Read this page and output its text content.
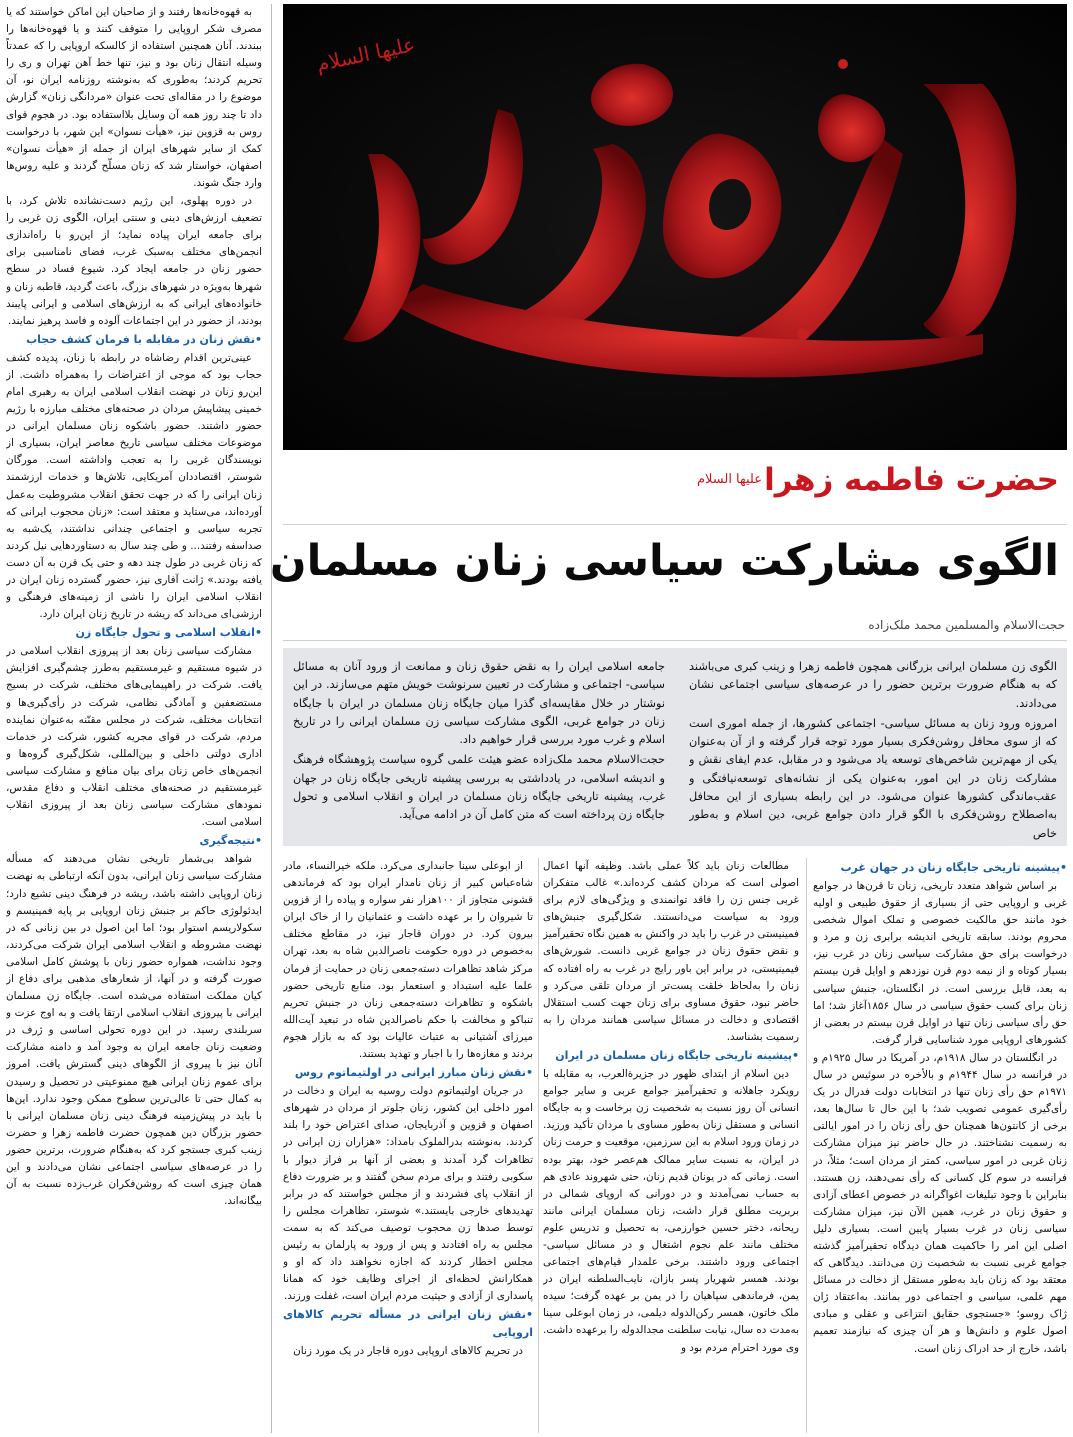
به قهوه‌خانه‌ها رفتند و از صاحبان این اماکن خواستند که یا مصرف شکر اروپایی را متوقف کنند و یا قهوه‌خانه‌ها را ببندند. آنان همچنین استفاده از کالسکه اروپایی را که عمدتاً وسیله انتقال زنان بود و نیز، تنها خط آهن تهران و ری را تحریم کردند؛ به‌طوری که به‌نوشته روزنامه ایران نو، آن موضوع را در مقاله‌ای تحت عنوان «مردانگی زنان» گزارش داد تا چند روز همه آن وسایل بلااستفاده بود. در هجوم قوای روس به قزوین نیز، «هیأت نسوان» این شهر، با درخواست کمک از سایر شهرهای ایران از جمله از «هیأت نسوان» اصفهان، خواستار شد که زنان مسلّح گردند و علیه روس‌ها وارد جنگ شوند.

در دوره پهلوی، این رژیم دست‌نشانده تلاش کرد، با تضعیف ارزش‌های دینی و سنتی ایران، الگوی زن غربی را برای جامعه ایران پیاده نماید؛ از این‌رو با راه‌اندازی انجمن‌های مختلف به‌سبک غرب، فضای نامناسبی برای حضور زنان در جامعه ایجاد کرد. شیوع فساد در سطح شهرها به‌ویژه در شهرهای بزرگ، باعث گردید، قاطبه زنان و خانواده‌های ایرانی که به ارزش‌های اسلامی و ایرانی پایبند بودند، از حضور در این اجتماعات آلوده و فاسد پرهیز نمایند.

• نقش زنان در مقابله با فرمان کشف حجاب

عینی‌ترین اقدام رضاشاه در رابطه با زنان، پدیده کشف حجاب بود که موجی از اعتراضات را به‌همراه داشت. از این‌رو زنان در نهضت انقلاب اسلامی ایران به رهبری امام خمینی پیشاپیش مردان در صحنه‌های مختلف مبارزه با رژیم حضور داشتند. حضور باشکوه زنان مسلمان ایرانی در موضوعات مختلف سیاسی تاریخ معاصر ایران، بسیاری از نویسندگان غربی را به تعجب واداشته است. مورگان شوستر، اقتصاددان آمریکایی، تلاش‌ها و خدمات ارزشمند زنان ایرانی را که در جهت تحقق انقلاب مشروطیت به‌عمل آورده‌اند، می‌ستاید و معتقد است: «زنان محجوب ایرانی که تجربه سیاسی و اجتماعی چندانی نداشتند، یک‌شبه به صداسفه رفتند... و طی چند سال به دستاوردهایی نیل کردند که زنان غربی در طول چند دهه و حتی یک قرن به آن دست یافته بودند.» ژانت آفاری نیز، حضور گسترده زنان ایران در انقلاب اسلامی ایران را ناشی از زمینه‌های فرهنگی و ارزشی‌ای می‌داند که ریشه در تاریخ زنان ایران دارد.

• انقلاب اسلامی و تحول جایگاه زن

مشارکت سیاسی زنان بعد از پیروزی انقلاب اسلامی در در شیوه مستقیم و غیرمستقیم به‌طرز چشم‌گیری افزایش یافت. شرکت در راهپیمایی‌های مختلف، شرکت در بسیج مستضعفین و آمادگی نظامی، شرکت در رأی‌گیری‌ها و انتخابات مختلف، شرکت در مجلس مقنّنه به‌عنوان نماینده مردم، شرکت در قوای مجریه کشور، شرکت در خدمات اداری دولتی داخلی و بین‌المللی، شکل‌گیری گروه‌ها و انجمن‌های خاص زنان برای بیان منافع و مشارکت سیاسی غیرمستقیم در صحنه‌های مختلف انقلاب و دفاع مقدس، نمودهای مشارکت سیاسی زنان بعد از پیروزی انقلاب اسلامی است.

• نتیجه‌گیری

شواهد بی‌شمار تاریخی نشان می‌دهند که مسأله مشارکت سیاسی زنان ایرانی، بدون آنکه ارتباطی به نهضت زنان اروپایی داشته باشد، ریشه در فرهنگ دینی تشیع دارد؛ ایدئولوژی حاکم بر جنبش زنان اروپایی بر پایه فمینیسم و سکولاریسم استوار بود؛ اما این اصول در بین زنانی که در نهضت مشروطه و انقلاب اسلامی ایران شرکت می‌کردند، وجود نداشت، همواره حضور زنان با پوشش کامل اسلامی صورت گرفته و در آنها، از شعارهای مذهبی برای دفاع از کیان مملکت استفاده می‌شده است. جایگاه زن مسلمان ایرانی با پیروزی انقلاب اسلامی ارتقا یافت و به اوج عزت و سربلندی رسید. در این دوره تحولی اساسی و ژرف در وضعیت زنان جامعه ایران به وجود آمد و دامنه مشارکت آنان نیز با پیروی از الگوهای دینی گسترش یافت. امروز برای عموم زنان ایرانی هیچ ممنوعیتی در تحصیل و رسیدن به کمال حتی تا عالی‌ترین سطوح ممکن وجود ندارد. این‌ها با باید در پیش‌زمینه فرهنگ دینی زنان مسلمان ایرانی با حضور بزرگان دین همچون حضرت فاطمه زهرا و حضرت زینب کبری جستجو کرد که به‌هنگام ضرورت، برترین حضور را در عرصه‌های سیاسی اجتماعی نشان می‌دادند و این همان چیزی است که روشن‌فکران غرب‌زده نسبت به آن بیگانه‌اند.

علیها السلام
حضرت فاطمه زهرا
علیها السلام
الگوی مشارکت سیاسی زنان مسلمان
حجت‌الاسلام والمسلمین محمد ملک‌زاده

الگوی زن مسلمان ایرانی بزرگانی همچون فاطمه زهرا و زینب کبری می‌باشند که به هنگام ضرورت برترین حضور را در عرصه‌های سیاسی اجتماعی نشان می‌دادند.

امروزه ورود زنان به مسائل سیاسی- اجتماعی کشورها، از جمله اموری است که از سوی محافل روشن‌فکری بسیار مورد توجه قرار گرفته و از آن به‌عنوان یکی از مهم‌ترین شاخص‌های توسعه یاد می‌شود و در مقابل، عدم ایفای نقش و مشارکت زنان در این امور، به‌عنوان یکی از نشانه‌های توسعه‌نیافتگی و عقب‌ماندگی کشورها عنوان می‌شود. در این رابطه بسیاری از این محافل به‌اصطلاح روشن‌فکری با الگو قرار دادن جوامع غربی، دین اسلام و به‌طور خاص

جامعه اسلامی ایران را به نقض حقوق زنان و ممانعت از ورود آنان به مسائل سیاسی- اجتماعی و مشارکت در تعیین سرنوشت خویش متهم می‌سازند. در این نوشتار در خلال مقایسه‌ای گذرا میان جایگاه زنان مسلمان در ایران با جایگاه زنان در جوامع غربی، الگوی مشارکت سیاسی زن مسلمان ایرانی را در تاریخ اسلام و غرب مورد بررسی قرار خواهیم داد.

حجت‌الاسلام محمد ملک‌زاده عضو هیئت علمی گروه سیاست پژوهشگاه فرهنگ و اندیشه اسلامی، در یادداشتی به بررسی پیشینه تاریخی جایگاه زنان در جهان غرب، پیشینه تاریخی جایگاه زنان مسلمان در ایران و انقلاب اسلامی و تحول جایگاه زن پرداخته است که متن کامل آن در ادامه می‌آید.

• پیشینه تاریخی جایگاه زنان در جهان غرب

بر اساس شواهد متعدد تاریخی، زنان تا قرن‌ها در جوامع غربی و اروپایی حتی از بسیاری از حقوق طبیعی و اولیه خود مانند حق مالکیت خصوصی و تملک اموال شخصی محروم بودند. سابقه تاریخی اندیشه برابری زن و مرد و درخواست برای حق مشارکت سیاسی زنان در غرب نیز، بسیار کوتاه و از نیمه دوم قرن نوزدهم و اوایل قرن بیستم به بعد، قابل بررسی است. در انگلستان، جنبش سیاسی زنان برای کسب حقوق سیاسی در سال ۱۸۵۶آغاز شد؛ اما حق رأی سیاسی زنان تنها در اوایل قرن بیستم در بعضی از کشورهای اروپایی مورد شناسایی قرار گرفت.

در انگلستان در سال ۱۹۱۸م، در آمریکا در سال ۱۹۲۵م و در فرانسه در سال ۱۹۴۴م و بالأخره در سوئیس در سال ۱۹۷۱م حق رأی زنان تنها در انتخابات دولت فدرال در یک رأی‌گیری عمومی تصویب شد؛ با این حال تا سال‌ها بعد، برخی از کانتون‌ها همچنان حق رأی زنان را در امور ایالتی به رسمیت نشناختند. در حال حاضر نیز میزان مشارکت زنان غربی در امور سیاسی، کمتر از مردان است؛ مثلاً، در فرانسه در سوم کل کسانی که رأی نمی‌دهند، زن هستند. بنابراین با وجود تبلیغات اغواگرانه در خصوص اعطای آزادی و حقوق زنان در غرب، همین الآن نیز، میزان مشارکت سیاسی زنان در غرب بسیار پایین است. بسیاری دلیل اصلی این امر را حاکمیت همان دیدگاه تحقیرآمیز گذشته جوامع غربی نسبت به شخصیت زن می‌دانند. دیدگاهی که معتقد بود که زنان باید به‌طور مستقل از دخالت در مسائل مهم علمی، سیاسی و اجتماعی دور بمانند. به‌اعتقاد ژان ژاک روسو؛ «جستجوی حقایق انتزاعی و عقلی و مبادی اصول علوم و دانش‌ها و هر آن چیزی که نیازمند تعمیم باشد، خارج از حد ادراک زنان است.

مطالعات زنان باید کلاً عملی باشد. وظیفه آنها اعمال اصولی است که مردان کشف کرده‌اند.» غالب متفکران غربی جنس زن را فاقد توانمندی و ویژگی‌های لازم برای ورود به سیاست می‌دانستند. شکل‌گیری جنبش‌های فمینیستی در غرب را باید در واکنش به همین نگاه تحقیرآمیز و نقض حقوق زنان در جوامع غربی دانست. شورش‌های فیمینیستی، در برابر این باور رایج در غرب به راه افتاده که زنان را به‌لحاظ خلقت پست‌تر از مردان تلقی می‌کرد و حاضر نبود، حقوق مساوی برای زنان جهت کسب استقلال اقتصادی و دخالت در مسائل سیاسی همانند مردان را به رسمیت بشناسد.

• پیشینه تاریخی جایگاه زنان مسلمان در ایران

دین اسلام از ابتدای ظهور در جزیرة‌العرب، به مقابله با رویکرد جاهلانه و تحقیرآمیز جوامع عربی و سایر جوامع انسانی آن روز نسبت به شخصیت زن برخاست و به جایگاه انسانی و مستقل زنان به‌طور مساوی با مردان تأکید ورزید. در زمان ورود اسلام به این سرزمین، موقعیت و حرمت زنان در ایران، به نسبت سایر ممالک هم‌عصر خود، بهتر بوده است. زمانی که در یونان قدیم زنان، حتی شهروند عادی هم به حساب نمی‌آمدند و در دورانی که اروپای شمالی در بربریت مطلق قرار داشت، زنان مسلمان ایرانی مانند ریحانه، دختر حسین خوارزمی، به تحصیل و تدریس علوم مختلف مانند علم نجوم اشتغال و در مسائل سیاسی- اجتماعی ورود داشتند. برخی علمدار قیام‌های اجتماعی بودند. همسر شهریار پسر بازان، نایب‌السلطنه ایران در یمن، فرماندهی سپاهیان را در یمن بر عهده گرفت؛ سیده ملک خاتون، همسر رکن‌الدوله دیلمی، در زمان ابوعلی سینا به‌مدت ده سال، نیابت سلطنت مجدالدوله را برعهده داشت. وی مورد احترام مردم بود و

از ابوعلی سینا جانبداری می‌کرد. ملکه خیرالنساء، مادر شاه‌عباس کبیر از زنان نامدار ایران بود که فرماندهی قشونی متجاوز از ۱۰۰هزار نفر سواره و پیاده را از قزوین تا شیروان را بر عهده داشت و عثمانیان را از خاک ایران بیرون کرد. در دوران قاجار نیز، در مقاطع مختلف به‌خصوص در دوره حکومت ناصرالدین شاه به بعد، تهران مرکز شاهد تظاهرات دسته‌جمعی زنان در حمایت از فرمان علما علیه استبداد و استعمار بود. منابع تاریخی حضور باشکوه و تظاهرات دسته‌جمعی زنان در جنبش تحریم تنباکو و مخالفت با حکم ناصرالدین شاه در تبعید آیت‌الله میرزای آشتیانی به عتبات عالیات بود که به بازار هجوم بردند و مغازه‌ها را با اجبار و تهدید بستند.

• نقش زنان مبارز ایرانی در اولتیماتوم روس

در جریان اولتیماتوم دولت روسیه به ایران و دخالت در امور داخلی این کشور، زنان جلوتر از مردان در شهرهای اصفهان و قزوین و آذربایجان، صدای اعتراض خود را بلند کردند. به‌نوشته بدرالملوک بامداد: «هزاران زن ایرانی در تظاهرات گرد آمدند و بعضی از آنها بر فراز دیوار با سکوبی رفتند و برای مردم سخن گفتند و بر ضرورت دفاع از انقلاب پای فشردند و از مجلس خواستند که در برابر تهدیدهای خارجی بایستند.» شوستر، تظاهرات مجلس را توسط صدها زن محجوب توصیف می‌کند که به سمت مجلس به راه افتادند و پس از ورود به پارلمان به رئیس مجلس اخطار کردند که اجازه نخواهند داد که او و همکارانش لحظه‌ای از اجرای وظایف خود که همانا پاسداری از آزادی و حیثیت مردم ایران است، غفلت ورزند.

• نقش زنان ایرانی در مسأله تحریم کالاهای اروپایی

در تحریم کالاهای اروپایی دوره قاجار در یک مورد زنان
